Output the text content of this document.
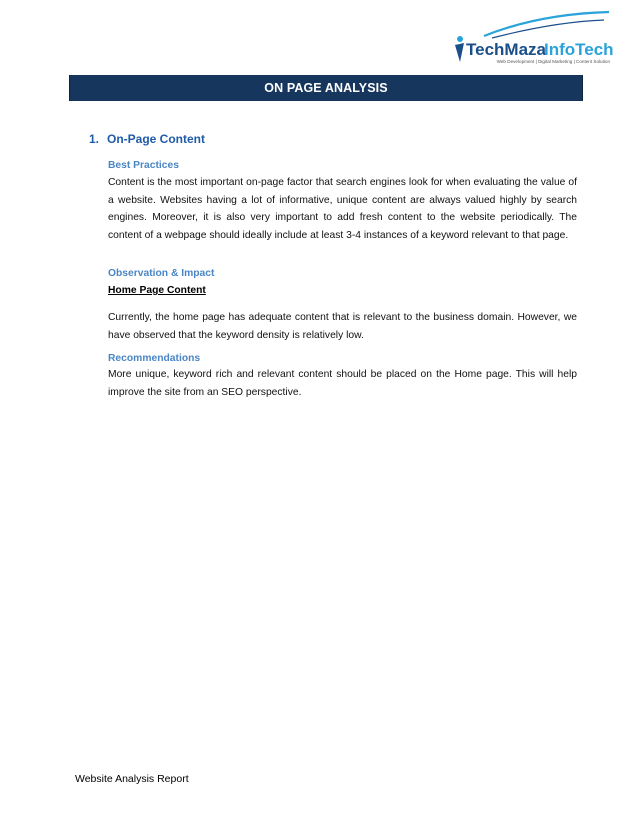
TechMaza
InfoTech
Web Development | Digital Marketing | Content Solution
ON PAGE ANALYSIS
1. On-Page Content
Best Practices
Content is the most important on-page factor that search engines look for when evaluating the value of a website. Websites having a lot of informative, unique content are always valued highly by search engines. Moreover, it is also very important to add fresh content to the website periodically. The content of a webpage should ideally include at least 3-4 instances of a keyword relevant to that page.
Observation & Impact
Home Page Content
Currently, the home page has adequate content that is relevant to the business domain. However, we have observed that the keyword density is relatively low.
Recommendations
More unique, keyword rich and relevant content should be placed on the Home page. This will help improve the site from an SEO perspective.
Website Analysis Report
